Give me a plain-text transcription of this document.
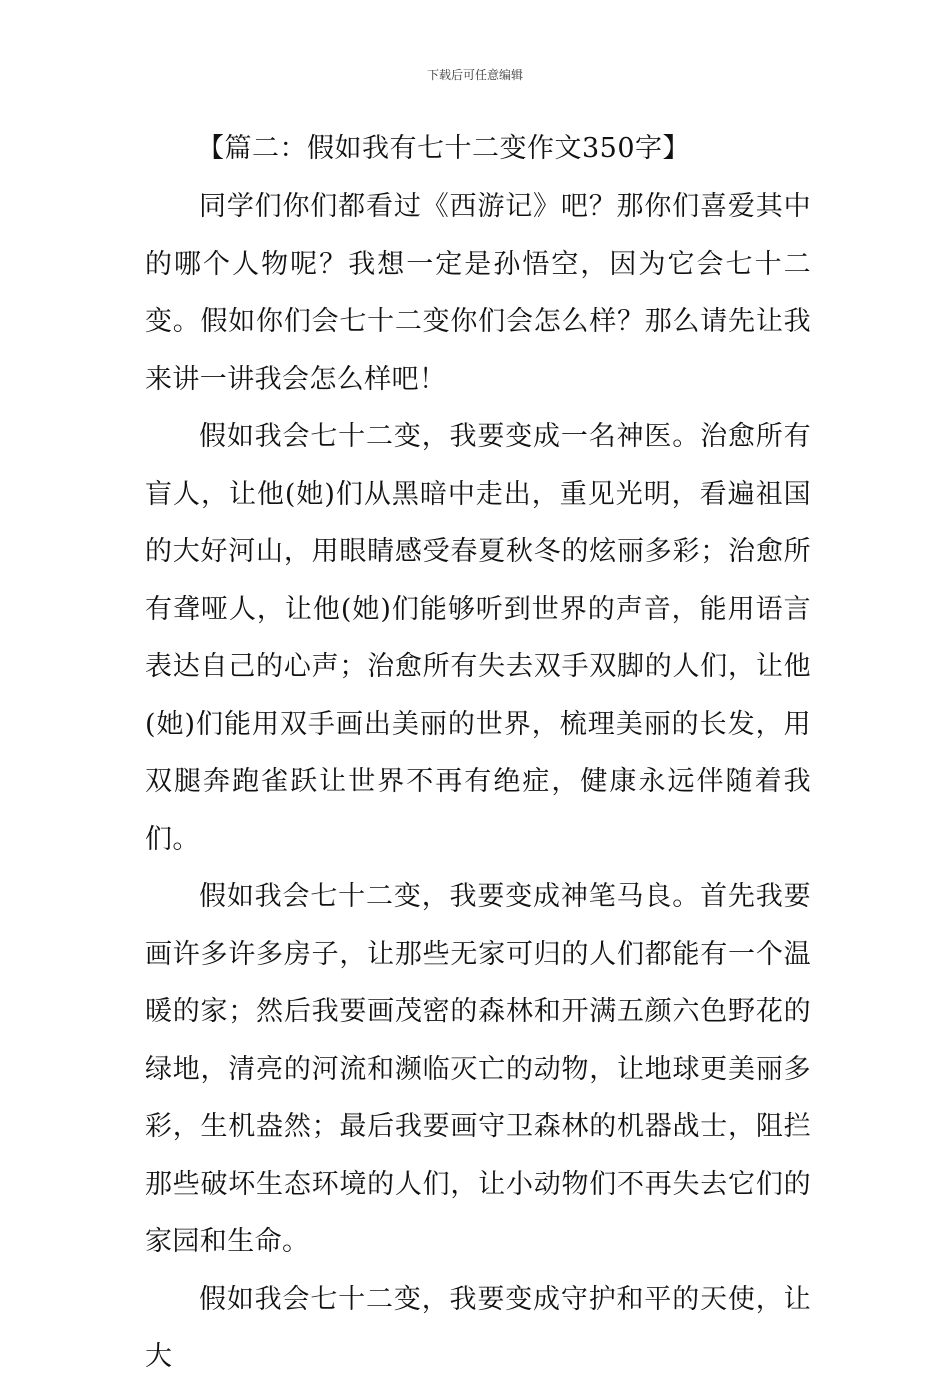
下载后可任意编辑
【篇二：假如我有七十二变作文350字】

同学们你们都看过《西游记》吧？那你们喜爱其中的哪个人物呢？我想一定是孙悟空，因为它会七十二变。假如你们会七十二变你们会怎么样？那么请先让我来讲一讲我会怎么样吧！

假如我会七十二变，我要变成一名神医。治愈所有盲人，让他(她)们从黑暗中走出，重见光明，看遍祖国的大好河山，用眼睛感受春夏秋冬的炫丽多彩；治愈所有聋哑人，让他(她)们能够听到世界的声音，能用语言表达自己的心声；治愈所有失去双手双脚的人们，让他(她)们能用双手画出美丽的世界，梳理美丽的长发，用双腿奔跑雀跃让世界不再有绝症，健康永远伴随着我们。

假如我会七十二变，我要变成神笔马良。首先我要画许多许多房子，让那些无家可归的人们都能有一个温暖的家；然后我要画茂密的森林和开满五颜六色野花的绿地，清亮的河流和濒临灭亡的动物，让地球更美丽多彩，生机盎然；最后我要画守卫森林的机器战士，阻拦那些破坏生态环境的人们，让小动物们不再失去它们的家园和生命。

假如我会七十二变，我要变成守护和平的天使，让大
